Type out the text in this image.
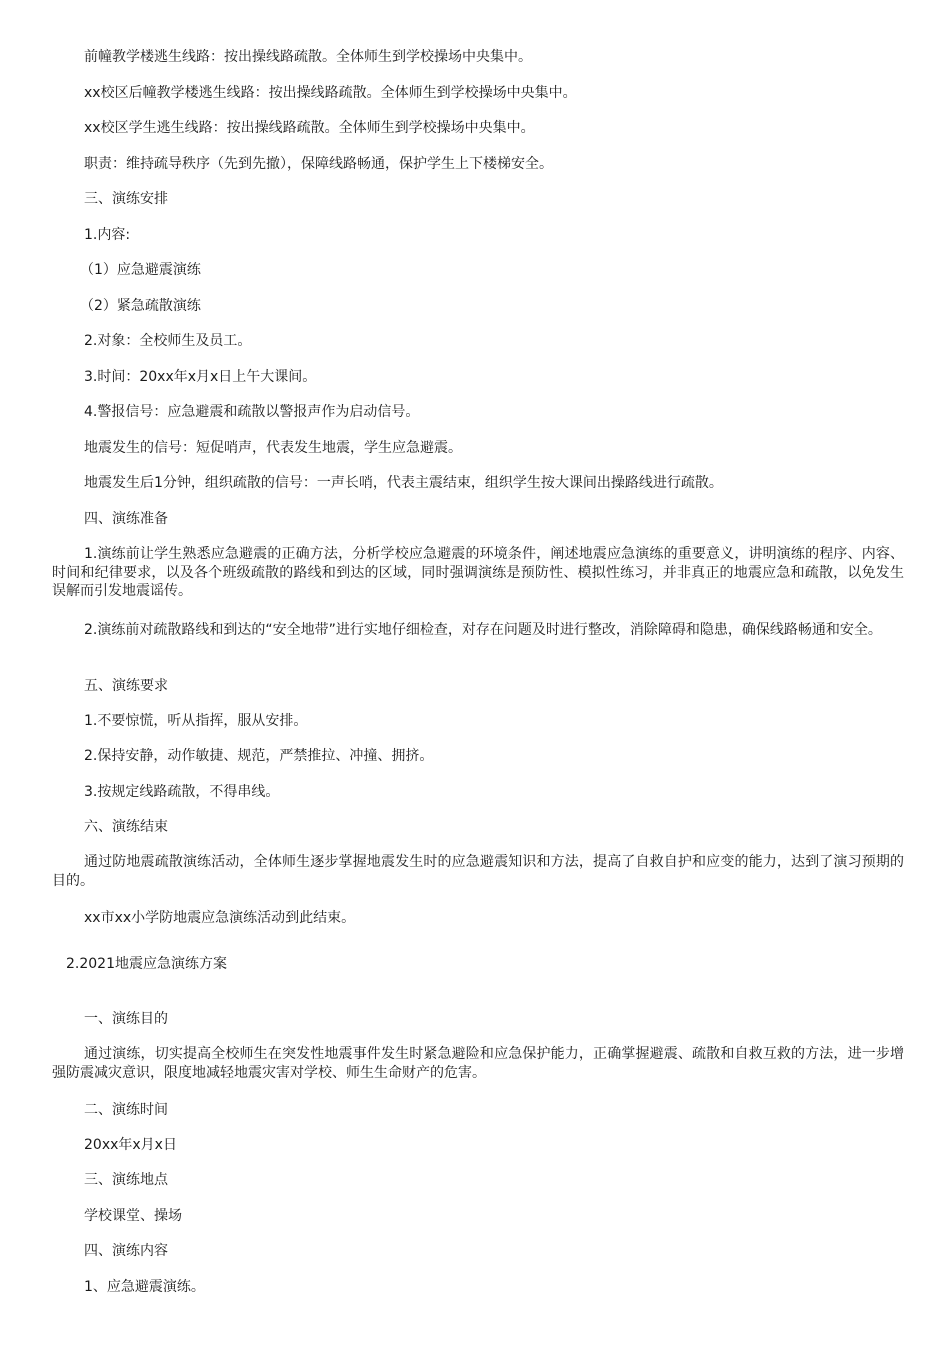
前幢教学楼逃生线路：按出操线路疏散。全体师生到学校操场中央集中。

xx校区后幢教学楼逃生线路：按出操线路疏散。全体师生到学校操场中央集中。

xx校区学生逃生线路：按出操线路疏散。全体师生到学校操场中央集中。

职责：维持疏导秩序（先到先撤），保障线路畅通，保护学生上下楼梯安全。

三、演练安排

1.内容:

（1）应急避震演练

（2）紧急疏散演练

2.对象：全校师生及员工。

3.时间：20xx年x月x日上午大课间。

4.警报信号：应急避震和疏散以警报声作为启动信号。

地震发生的信号：短促哨声，代表发生地震，学生应急避震。

地震发生后1分钟，组织疏散的信号：一声长哨，代表主震结束，组织学生按大课间出操路线进行疏散。

四、演练准备

1.演练前让学生熟悉应急避震的正确方法，分析学校应急避震的环境条件，阐述地震应急演练的重要意义，讲明演练的程序、内容、时间和纪律要求，以及各个班级疏散的路线和到达的区域，同时强调演练是预防性、模拟性练习，并非真正的地震应急和疏散，以免发生误解而引发地震谣传。

2.演练前对疏散路线和到达的“安全地带”进行实地仔细检查，对存在问题及时进行整改，消除障碍和隐患，确保线路畅通和安全。

五、演练要求

1.不要惊慌，听从指挥，服从安排。

2.保持安静，动作敏捷、规范，严禁推拉、冲撞、拥挤。

3.按规定线路疏散，不得串线。

六、演练结束

通过防地震疏散演练活动，全体师生逐步掌握地震发生时的应急避震知识和方法，提高了自救自护和应变的能力，达到了演习预期的目的。

xx市xx小学防地震应急演练活动到此结束。

2.2021地震应急演练方案

一、演练目的

通过演练，切实提高全校师生在突发性地震事件发生时紧急避险和应急保护能力，正确掌握避震、疏散和自救互救的方法，进一步增强防震减灾意识，限度地减轻地震灾害对学校、师生生命财产的危害。

二、演练时间

20xx年x月x日

三、演练地点

学校课堂、操场

四、演练内容

1、应急避震演练。
